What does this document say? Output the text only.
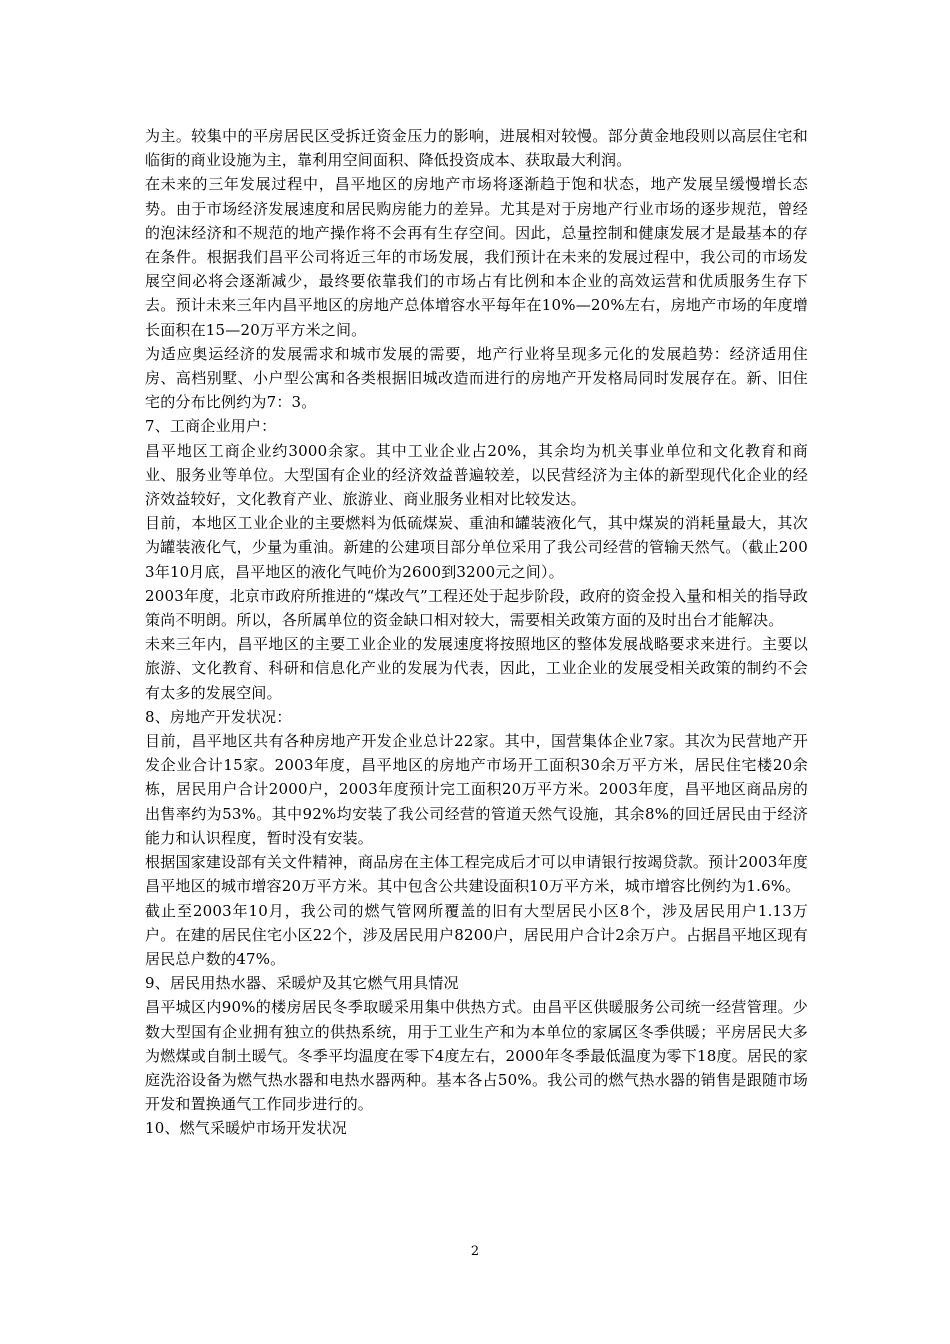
为主。较集中的平房居民区受拆迁资金压力的影响，进展相对较慢。部分黄金地段则以高层住宅和临街的商业设施为主，靠利用空间面积、降低投资成本、获取最大利润。

在未来的三年发展过程中，昌平地区的房地产市场将逐渐趋于饱和状态，地产发展呈缓慢增长态势。由于市场经济发展速度和居民购房能力的差异。尤其是对于房地产行业市场的逐步规范，曾经的泡沫经济和不规范的地产操作将不会再有生存空间。因此，总量控制和健康发展才是最基本的存在条件。根据我们昌平公司将近三年的市场发展，我们预计在未来的发展过程中，我公司的市场发展空间必将会逐渐减少，最终要依靠我们的市场占有比例和本企业的高效运营和优质服务生存下去。预计未来三年内昌平地区的房地产总体增容水平每年在10%—20%左右，房地产市场的年度增长面积在15—20万平方米之间。

为适应奥运经济的发展需求和城市发展的需要，地产行业将呈现多元化的发展趋势：经济适用住房、高档别墅、小户型公寓和各类根据旧城改造而进行的房地产开发格局同时发展存在。新、旧住宅的分布比例约为7：3。

7、工商企业用户：

昌平地区工商企业约3000余家。其中工业企业占20%，其余均为机关事业单位和文化教育和商业、服务业等单位。大型国有企业的经济效益普遍较差，以民营经济为主体的新型现代化企业的经济效益较好，文化教育产业、旅游业、商业服务业相对比较发达。

目前，本地区工业企业的主要燃料为低硫煤炭、重油和罐装液化气，其中煤炭的消耗量最大，其次为罐装液化气，少量为重油。新建的公建项目部分单位采用了我公司经营的管输天然气。（截止2003年10月底，昌平地区的液化气吨价为2600到3200元之间）。

2003年度，北京市政府所推进的“煤改气”工程还处于起步阶段，政府的资金投入量和相关的指导政策尚不明朗。所以，各所属单位的资金缺口相对较大，需要相关政策方面的及时出台才能解决。

未来三年内，昌平地区的主要工业企业的发展速度将按照地区的整体发展战略要求来进行。主要以旅游、文化教育、科研和信息化产业的发展为代表，因此，工业企业的发展受相关政策的制约不会有太多的发展空间。

8、房地产开发状况：

目前，昌平地区共有各种房地产开发企业总计22家。其中，国营集体企业7家。其次为民营地产开发企业合计15家。2003年度，昌平地区的房地产市场开工面积30余万平方米，居民住宅楼20余栋，居民用户合计2000户，2003年度预计完工面积20万平方米。2003年度，昌平地区商品房的出售率约为53%。其中92%均安装了我公司经营的管道天然气设施，其余8%的回迁居民由于经济能力和认识程度，暂时没有安装。

根据国家建设部有关文件精神，商品房在主体工程完成后才可以申请银行按竭贷款。预计2003年度昌平地区的城市增容20万平方米。其中包含公共建设面积10万平方米，城市增容比例约为1.6%。

截止至2003年10月，我公司的燃气管网所覆盖的旧有大型居民小区8个，涉及居民用户1.13万户。在建的居民住宅小区22个，涉及居民用户8200户，居民用户合计2余万户。占据昌平地区现有居民总户数的47%。

9、居民用热水器、采暖炉及其它燃气用具情况

昌平城区内90%的楼房居民冬季取暖采用集中供热方式。由昌平区供暖服务公司统一经营管理。少数大型国有企业拥有独立的供热系统，用于工业生产和为本单位的家属区冬季供暖；平房居民大多为燃煤或自制土暖气。冬季平均温度在零下4度左右，2000年冬季最低温度为零下18度。居民的家庭洗浴设备为燃气热水器和电热水器两种。基本各占50%。我公司的燃气热水器的销售是跟随市场开发和置换通气工作同步进行的。

10、燃气采暖炉市场开发状况

2
